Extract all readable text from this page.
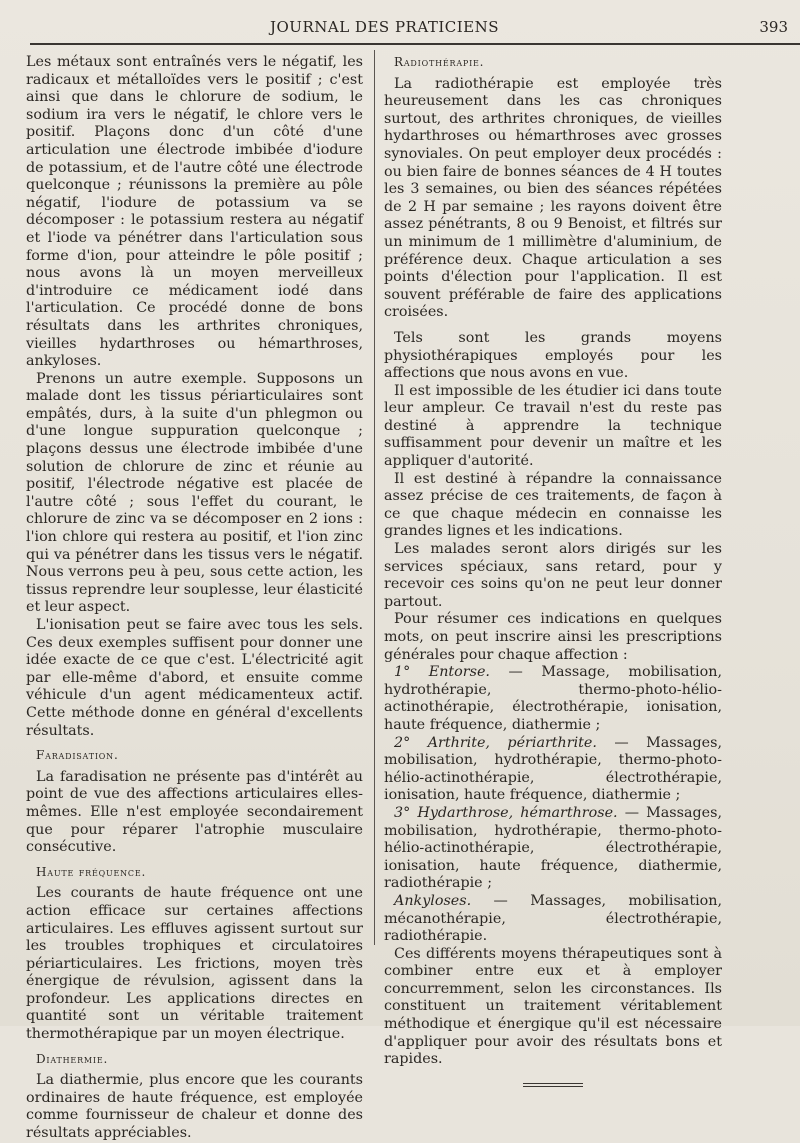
JOURNAL DES PRATICIENS	393

Les métaux sont entraînés vers le négatif, les radicaux et métalloïdes vers le positif ; c'est ainsi que dans le chlorure de sodium, le sodium ira vers le négatif, le chlore vers le positif. Plaçons donc d'un côté d'une articulation une électrode imbibée d'iodure de potassium, et de l'autre côté une électrode quelconque ; réunissons la première au pôle négatif, l'iodure de potassium va se décomposer : le potassium restera au négatif et l'iode va pénétrer dans l'articulation sous forme d'ion, pour atteindre le pôle positif ; nous avons là un moyen merveilleux d'introduire ce médicament iodé dans l'articulation. Ce procédé donne de bons résultats dans les arthrites chroniques, vieilles hydarthroses ou hémarthroses, ankyloses.

Prenons un autre exemple. Supposons un malade dont les tissus périarticulaires sont empâtés, durs, à la suite d'un phlegmon ou d'une longue suppuration quelconque ; plaçons dessus une électrode imbibée d'une solution de chlorure de zinc et réunie au positif, l'électrode négative est placée de l'autre côté ; sous l'effet du courant, le chlorure de zinc va se décomposer en 2 ions : l'ion chlore qui restera au positif, et l'ion zinc qui va pénétrer dans les tissus vers le négatif. Nous verrons peu à peu, sous cette action, les tissus reprendre leur souplesse, leur élasticité et leur aspect.

L'ionisation peut se faire avec tous les sels. Ces deux exemples suffisent pour donner une idée exacte de ce que c'est. L'électricité agit par elle-même d'abord, et ensuite comme véhicule d'un agent médicamenteux actif. Cette méthode donne en général d'excellents résultats.

Faradisation.

La faradisation ne présente pas d'intérêt au point de vue des affections articulaires elles-mêmes. Elle n'est employée secondairement que pour réparer l'atrophie musculaire consécutive.

Haute fréquence.

Les courants de haute fréquence ont une action efficace sur certaines affections articulaires. Les effluves agissent surtout sur les troubles trophiques et circulatoires périarticulaires. Les frictions, moyen très énergique de révulsion, agissent dans la profondeur. Les applications directes en quantité sont un véritable traitement thermothérapique par un moyen électrique.

Diathermie.

La diathermie, plus encore que les courants ordinaires de haute fréquence, est employée comme fournisseur de chaleur et donne des résultats appréciables.

Radiothérapie.

La radiothérapie est employée très heureusement dans les cas chroniques surtout, des arthrites chroniques, de vieilles hydarthroses ou hémarthroses avec grosses synoviales. On peut employer deux procédés : ou bien faire de bonnes séances de 4 H toutes les 3 semaines, ou bien des séances répétées de 2 H par semaine ; les rayons doivent être assez pénétrants, 8 ou 9 Benoist, et filtrés sur un minimum de 1 millimètre d'aluminium, de préférence deux. Chaque articulation a ses points d'élection pour l'application. Il est souvent préférable de faire des applications croisées.

Tels sont les grands moyens physiothérapiques employés pour les affections que nous avons en vue.

Il est impossible de les étudier ici dans toute leur ampleur. Ce travail n'est du reste pas destiné à apprendre la technique suffisamment pour devenir un maître et les appliquer d'autorité.

Il est destiné à répandre la connaissance assez précise de ces traitements, de façon à ce que chaque médecin en connaisse les grandes lignes et les indications.

Les malades seront alors dirigés sur les services spéciaux, sans retard, pour y recevoir ces soins qu'on ne peut leur donner partout.

Pour résumer ces indications en quelques mots, on peut inscrire ainsi les prescriptions générales pour chaque affection :

1° Entorse. — Massage, mobilisation, hydrothérapie, thermo-photo-hélio-actinothérapie, électrothérapie, ionisation, haute fréquence, diathermie ;

2° Arthrite, périarthrite. — Massages, mobilisation, hydrothérapie, thermo-photo-hélio-actinothérapie, électrothérapie, ionisation, haute fréquence, diathermie ;

3° Hydarthrose, hémarthrose. — Massages, mobilisation, hydrothérapie, thermo-photo-hélio-actinothérapie, électrothérapie, ionisation, haute fréquence, diathermie, radiothérapie ;

Ankyloses. — Massages, mobilisation, mécanothérapie, électrothérapie, radiothérapie.

Ces différents moyens thérapeutiques sont à combiner entre eux et à employer concurremment, selon les circonstances. Ils constituent un traitement véritablement méthodique et énergique qu'il est nécessaire d'appliquer pour avoir des résultats bons et rapides.
